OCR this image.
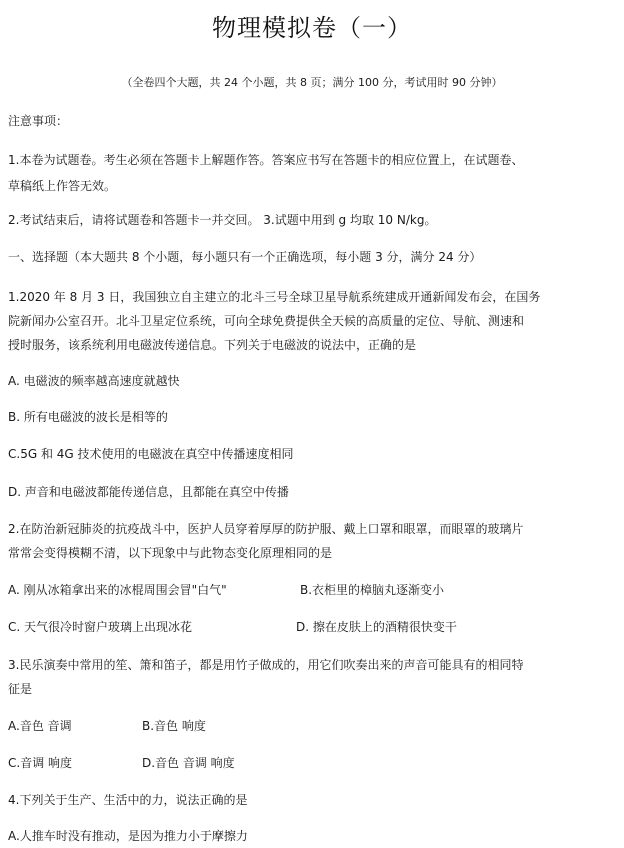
物理模拟卷（一）
（全卷四个大题，共 24 个小题，共 8 页；满分 100 分，考试用时 90 分钟）
注意事项：
1.本卷为试题卷。考生必须在答题卡上解题作答。答案应书写在答题卡的相应位置上，在试题卷、
草稿纸上作答无效。
2.考试结束后，请将试题卷和答题卡一并交回。 3.试题中用到 g 均取 10 N/kg。
一、选择题（本大题共 8 个小题，每小题只有一个正确选项，每小题 3 分，满分 24 分）
1.2020 年 8 月 3 日，我国独立自主建立的北斗三号全球卫星导航系统建成开通新闻发布会，在国务
院新闻办公室召开。北斗卫星定位系统，可向全球免费提供全天候的高质量的定位、导航、测速和
授时服务，该系统利用电磁波传递信息。下列关于电磁波的说法中，正确的是
A. 电磁波的频率越高速度就越快
B. 所有电磁波的波长是相等的
C.5G 和 4G 技术使用的电磁波在真空中传播速度相同
D. 声音和电磁波都能传递信息，且都能在真空中传播
2.在防治新冠肺炎的抗疫战斗中，医护人员穿着厚厚的防护服、戴上口罩和眼罩，而眼罩的玻璃片
常常会变得模糊不清，以下现象中与此物态变化原理相同的是
A. 刚从冰箱拿出来的冰棍周围会冒"白气"	B.衣柜里的樟脑丸逐渐变小
C. 天气很冷时窗户玻璃上出现冰花	D. 擦在皮肤上的酒精很快变干
3.民乐演奏中常用的笙、箫和笛子，都是用竹子做成的，用它们吹奏出来的声音可能具有的相同特
征是
A.音色 音调	B.音色 响度
C.音调 响度	D.音色 音调 响度
4.下列关于生产、生活中的力，说法正确的是
A.人推车时没有推动，是因为推力小于摩擦力
